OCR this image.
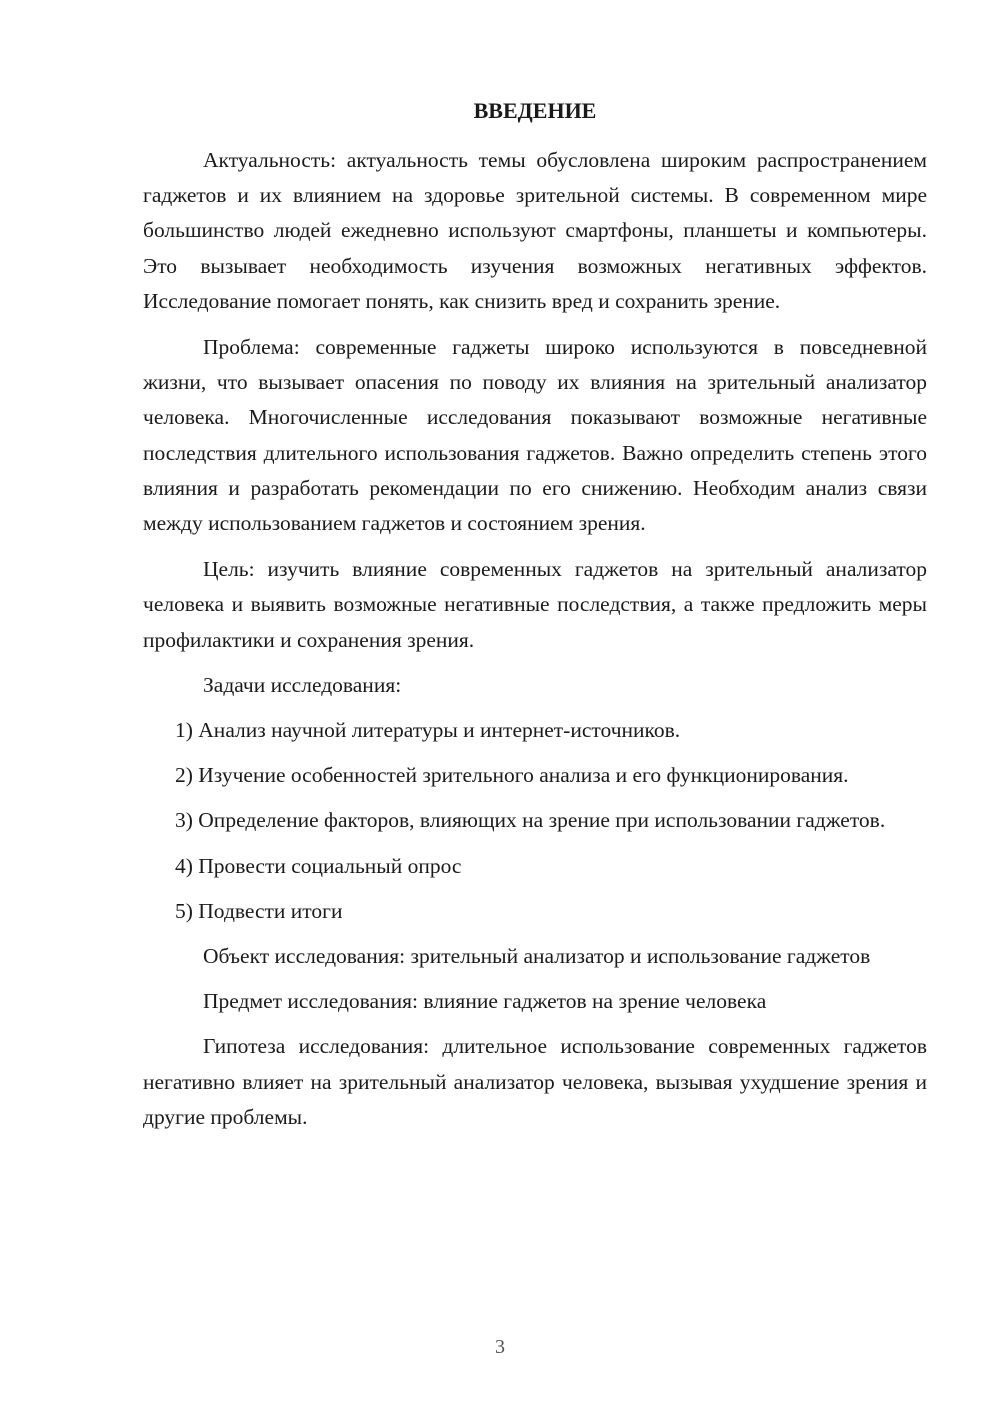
ВВЕДЕНИЕ

Актуальность: актуальность темы обусловлена широким распространением гаджетов и их влиянием на здоровье зрительной системы. В современном мире большинство людей ежедневно используют смартфоны, планшеты и компьютеры. Это вызывает необходимость изучения возможных негативных эффектов. Исследование помогает понять, как снизить вред и сохранить зрение.

Проблема: современные гаджеты широко используются в повседневной жизни, что вызывает опасения по поводу их влияния на зрительный анализатор человека. Многочисленные исследования показывают возможные негативные последствия длительного использования гаджетов. Важно определить степень этого влияния и разработать рекомендации по его снижению. Необходим анализ связи между использованием гаджетов и состоянием зрения.

Цель: изучить влияние современных гаджетов на зрительный анализатор человека и выявить возможные негативные последствия, а также предложить меры профилактики и сохранения зрения.

Задачи исследования:

1) Анализ научной литературы и интернет-источников.

2) Изучение особенностей зрительного анализа и его функционирования.

3) Определение факторов, влияющих на зрение при использовании гаджетов.

4) Провести социальный опрос

5) Подвести итоги

Объект исследования: зрительный анализатор и использование гаджетов

Предмет исследования: влияние гаджетов на зрение человека

Гипотеза исследования: длительное использование современных гаджетов негативно влияет на зрительный анализатор человека, вызывая ухудшение зрения и другие проблемы.

3
